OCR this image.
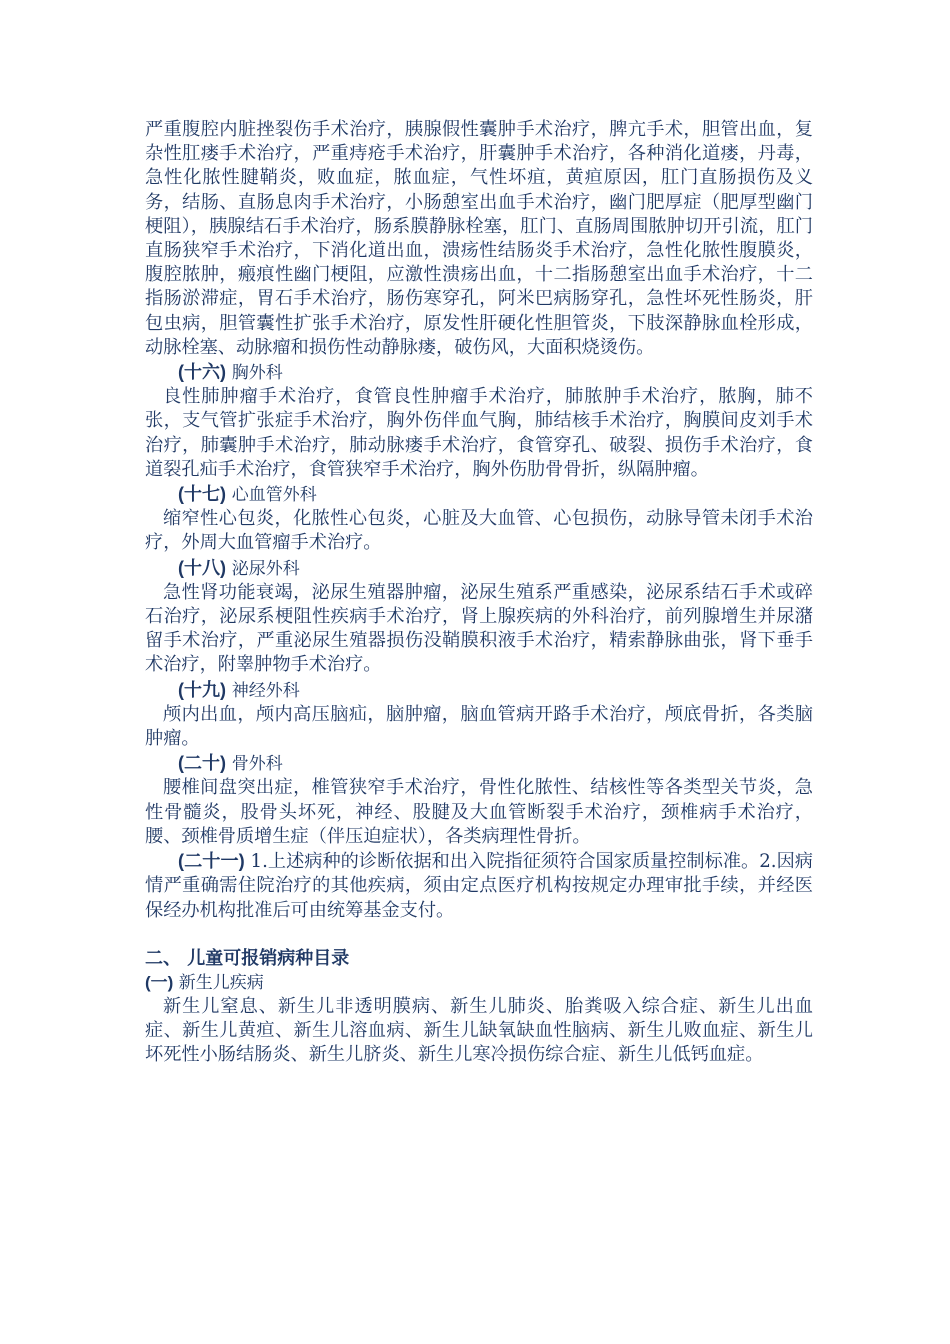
严重腹腔内脏挫裂伤手术治疗，胰腺假性囊肿手术治疗，脾亢手术，胆管出血，复杂性肛瘘手术治疗，严重痔疮手术治疗，肝囊肿手术治疗，各种消化道瘘，丹毒，急性化脓性腱鞘炎，败血症，脓血症，气性坏疽，黄疸原因，肛门直肠损伤及义务，结肠、直肠息肉手术治疗，小肠憩室出血手术治疗，幽门肥厚症（肥厚型幽门梗阻），胰腺结石手术治疗，肠系膜静脉栓塞，肛门、直肠周围脓肿切开引流，肛门直肠狭窄手术治疗，下消化道出血，溃疡性结肠炎手术治疗，急性化脓性腹膜炎，腹腔脓肿，瘢痕性幽门梗阻，应激性溃疡出血，十二指肠憩室出血手术治疗，十二指肠淤滞症，胃石手术治疗，肠伤寒穿孔，阿米巴病肠穿孔，急性坏死性肠炎，肝包虫病，胆管囊性扩张手术治疗，原发性肝硬化性胆管炎，下肢深静脉血栓形成，动脉栓塞、动脉瘤和损伤性动静脉瘘，破伤风，大面积烧烫伤。

(十六) 胸外科

良性肺肿瘤手术治疗，食管良性肿瘤手术治疗，肺脓肿手术治疗，脓胸，肺不张，支气管扩张症手术治疗，胸外伤伴血气胸，肺结核手术治疗，胸膜间皮刘手术治疗，肺囊肿手术治疗，肺动脉瘘手术治疗，食管穿孔、破裂、损伤手术治疗，食道裂孔疝手术治疗，食管狭窄手术治疗，胸外伤肋骨骨折，纵隔肿瘤。

(十七) 心血管外科

缩窄性心包炎，化脓性心包炎，心脏及大血管、心包损伤，动脉导管未闭手术治疗，外周大血管瘤手术治疗。

(十八) 泌尿外科

急性肾功能衰竭，泌尿生殖器肿瘤，泌尿生殖系严重感染，泌尿系结石手术或碎石治疗，泌尿系梗阻性疾病手术治疗，肾上腺疾病的外科治疗，前列腺增生并尿潴留手术治疗，严重泌尿生殖器损伤没鞘膜积液手术治疗，精索静脉曲张，肾下垂手术治疗，附睾肿物手术治疗。

(十九) 神经外科

颅内出血，颅内高压脑疝，脑肿瘤，脑血管病开路手术治疗，颅底骨折，各类脑肿瘤。

(二十) 骨外科

腰椎间盘突出症，椎管狭窄手术治疗，骨性化脓性、结核性等各类型关节炎，急性骨髓炎，股骨头坏死，神经、股腱及大血管断裂手术治疗，颈椎病手术治疗，腰、颈椎骨质增生症（伴压迫症状），各类病理性骨折。

(二十一) 1.上述病种的诊断依据和出入院指征须符合国家质量控制标准。2.因病情严重确需住院治疗的其他疾病，须由定点医疗机构按规定办理审批手续，并经医保经办机构批准后可由统筹基金支付。

二、 儿童可报销病种目录

(一) 新生儿疾病

新生儿窒息、新生儿非透明膜病、新生儿肺炎、胎粪吸入综合症、新生儿出血症、新生儿黄疸、新生儿溶血病、新生儿缺氧缺血性脑病、新生儿败血症、新生儿坏死性小肠结肠炎、新生儿脐炎、新生儿寒冷损伤综合症、新生儿低钙血症。
